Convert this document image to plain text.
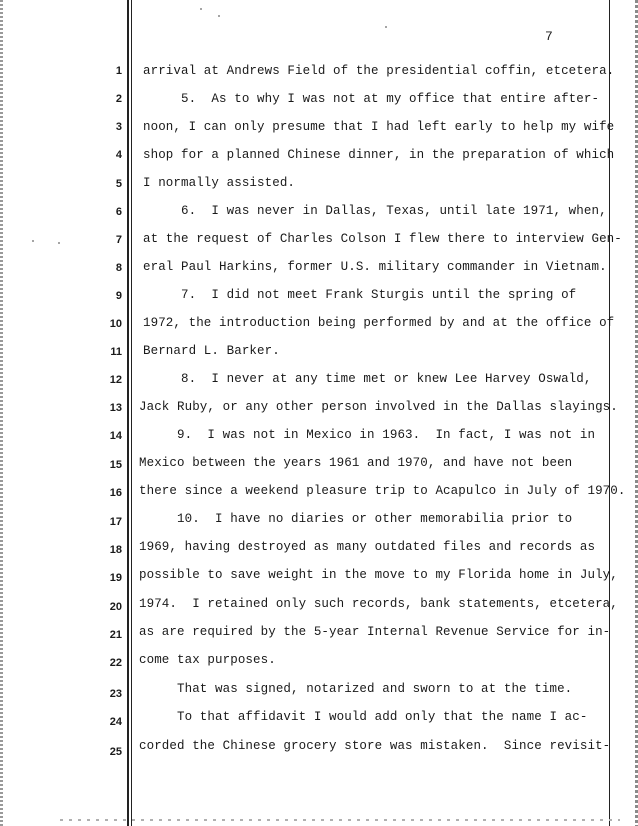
7
1
2
3
4
5
6
7
8
9
10
11
12
13
14
15
16
17
18
19
20
21
22
23
24
25
arrival at Andrews Field of the presidential coffin, etcetera.
5.  As to why I was not at my office that entire after-
noon, I can only presume that I had left early to help my wife
shop for a planned Chinese dinner, in the preparation of which
I normally assisted.
6.  I was never in Dallas, Texas, until late 1971, when,
at the request of Charles Colson I flew there to interview Gen-
eral Paul Harkins, former U.S. military commander in Vietnam.
7.  I did not meet Frank Sturgis until the spring of
1972, the introduction being performed by and at the office of
Bernard L. Barker.
8.  I never at any time met or knew Lee Harvey Oswald,
Jack Ruby, or any other person involved in the Dallas slayings.
9.  I was not in Mexico in 1963.  In fact, I was not in
Mexico between the years 1961 and 1970, and have not been
there since a weekend pleasure trip to Acapulco in July of 1970.
10.  I have no diaries or other memorabilia prior to
1969, having destroyed as many outdated files and records as
possible to save weight in the move to my Florida home in July,
1974.  I retained only such records, bank statements, etcetera,
as are required by the 5-year Internal Revenue Service for in-
come tax purposes.
That was signed, notarized and sworn to at the time.
To that affidavit I would add only that the name I ac-
corded the Chinese grocery store was mistaken.  Since revisit-
